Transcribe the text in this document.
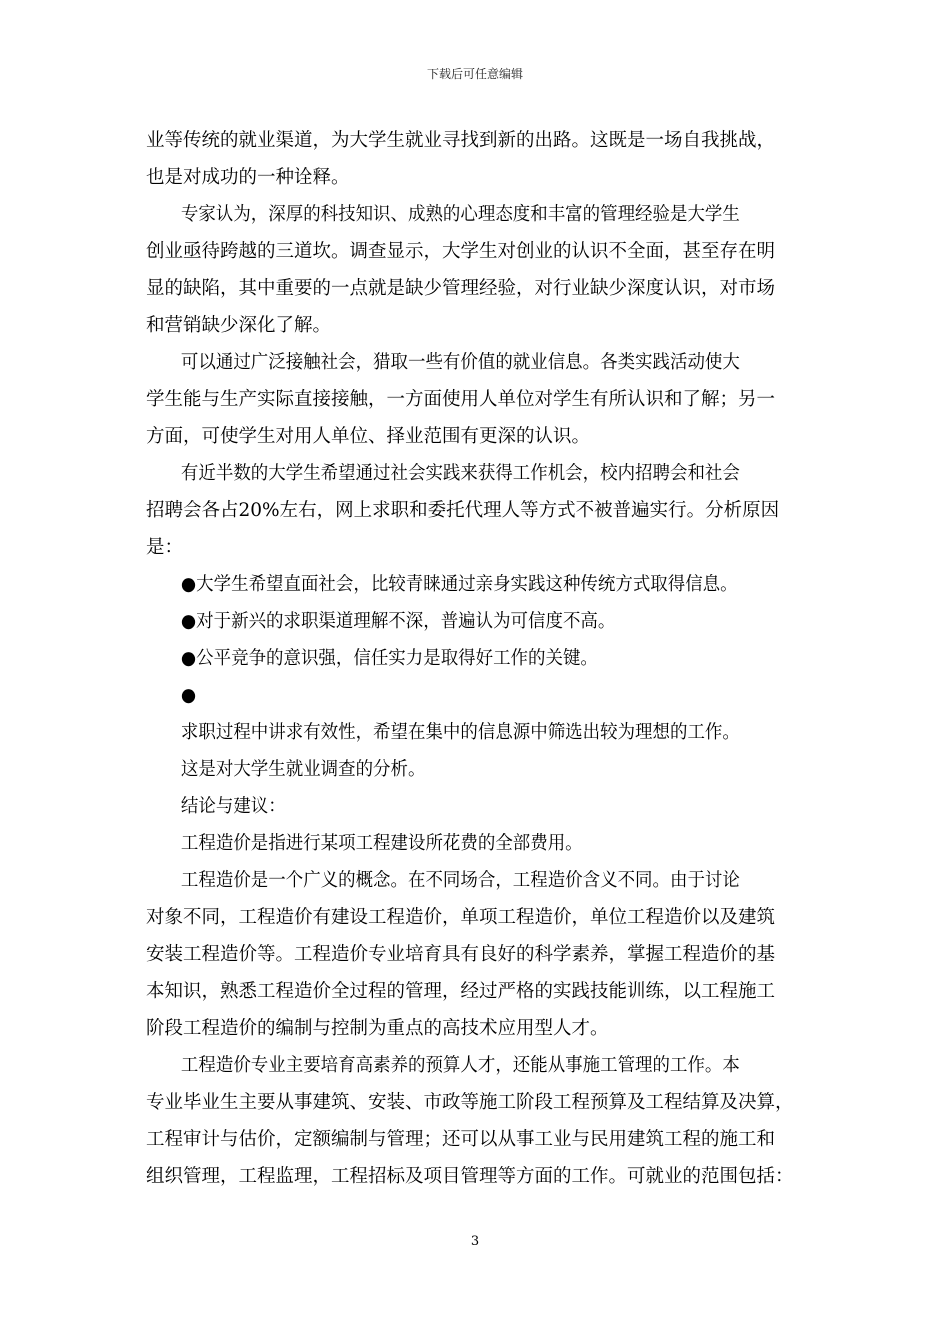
下载后可任意编辑
业等传统的就业渠道，为大学生就业寻找到新的出路。这既是一场自我挑战，
也是对成功的一种诠释。
专家认为，深厚的科技知识、成熟的心理态度和丰富的管理经验是大学生
创业亟待跨越的三道坎。调查显示，大学生对创业的认识不全面，甚至存在明
显的缺陷，其中重要的一点就是缺少管理经验，对行业缺少深度认识，对市场
和营销缺少深化了解。
可以通过广泛接触社会，猎取一些有价值的就业信息。各类实践活动使大
学生能与生产实际直接接触，一方面使用人单位对学生有所认识和了解；另一
方面，可使学生对用人单位、择业范围有更深的认识。
有近半数的大学生希望通过社会实践来获得工作机会，校内招聘会和社会
招聘会各占20%左右，网上求职和委托代理人等方式不被普遍实行。分析原因
是：
●大学生希望直面社会，比较青睐通过亲身实践这种传统方式取得信息。
●对于新兴的求职渠道理解不深，普遍认为可信度不高。
●公平竞争的意识强，信任实力是取得好工作的关键。
●
求职过程中讲求有效性，希望在集中的信息源中筛选出较为理想的工作。
这是对大学生就业调查的分析。
结论与建议：
工程造价是指进行某项工程建设所花费的全部费用。
工程造价是一个广义的概念。在不同场合，工程造价含义不同。由于讨论
对象不同，工程造价有建设工程造价，单项工程造价，单位工程造价以及建筑
安装工程造价等。工程造价专业培育具有良好的科学素养，掌握工程造价的基
本知识，熟悉工程造价全过程的管理，经过严格的实践技能训练，以工程施工
阶段工程造价的编制与控制为重点的高技术应用型人才。
工程造价专业主要培育高素养的预算人才，还能从事施工管理的工作。本
专业毕业生主要从事建筑、安装、市政等施工阶段工程预算及工程结算及决算，
工程审计与估价，定额编制与管理；还可以从事工业与民用建筑工程的施工和
组织管理，工程监理，工程招标及项目管理等方面的工作。可就业的范围包括：
3
